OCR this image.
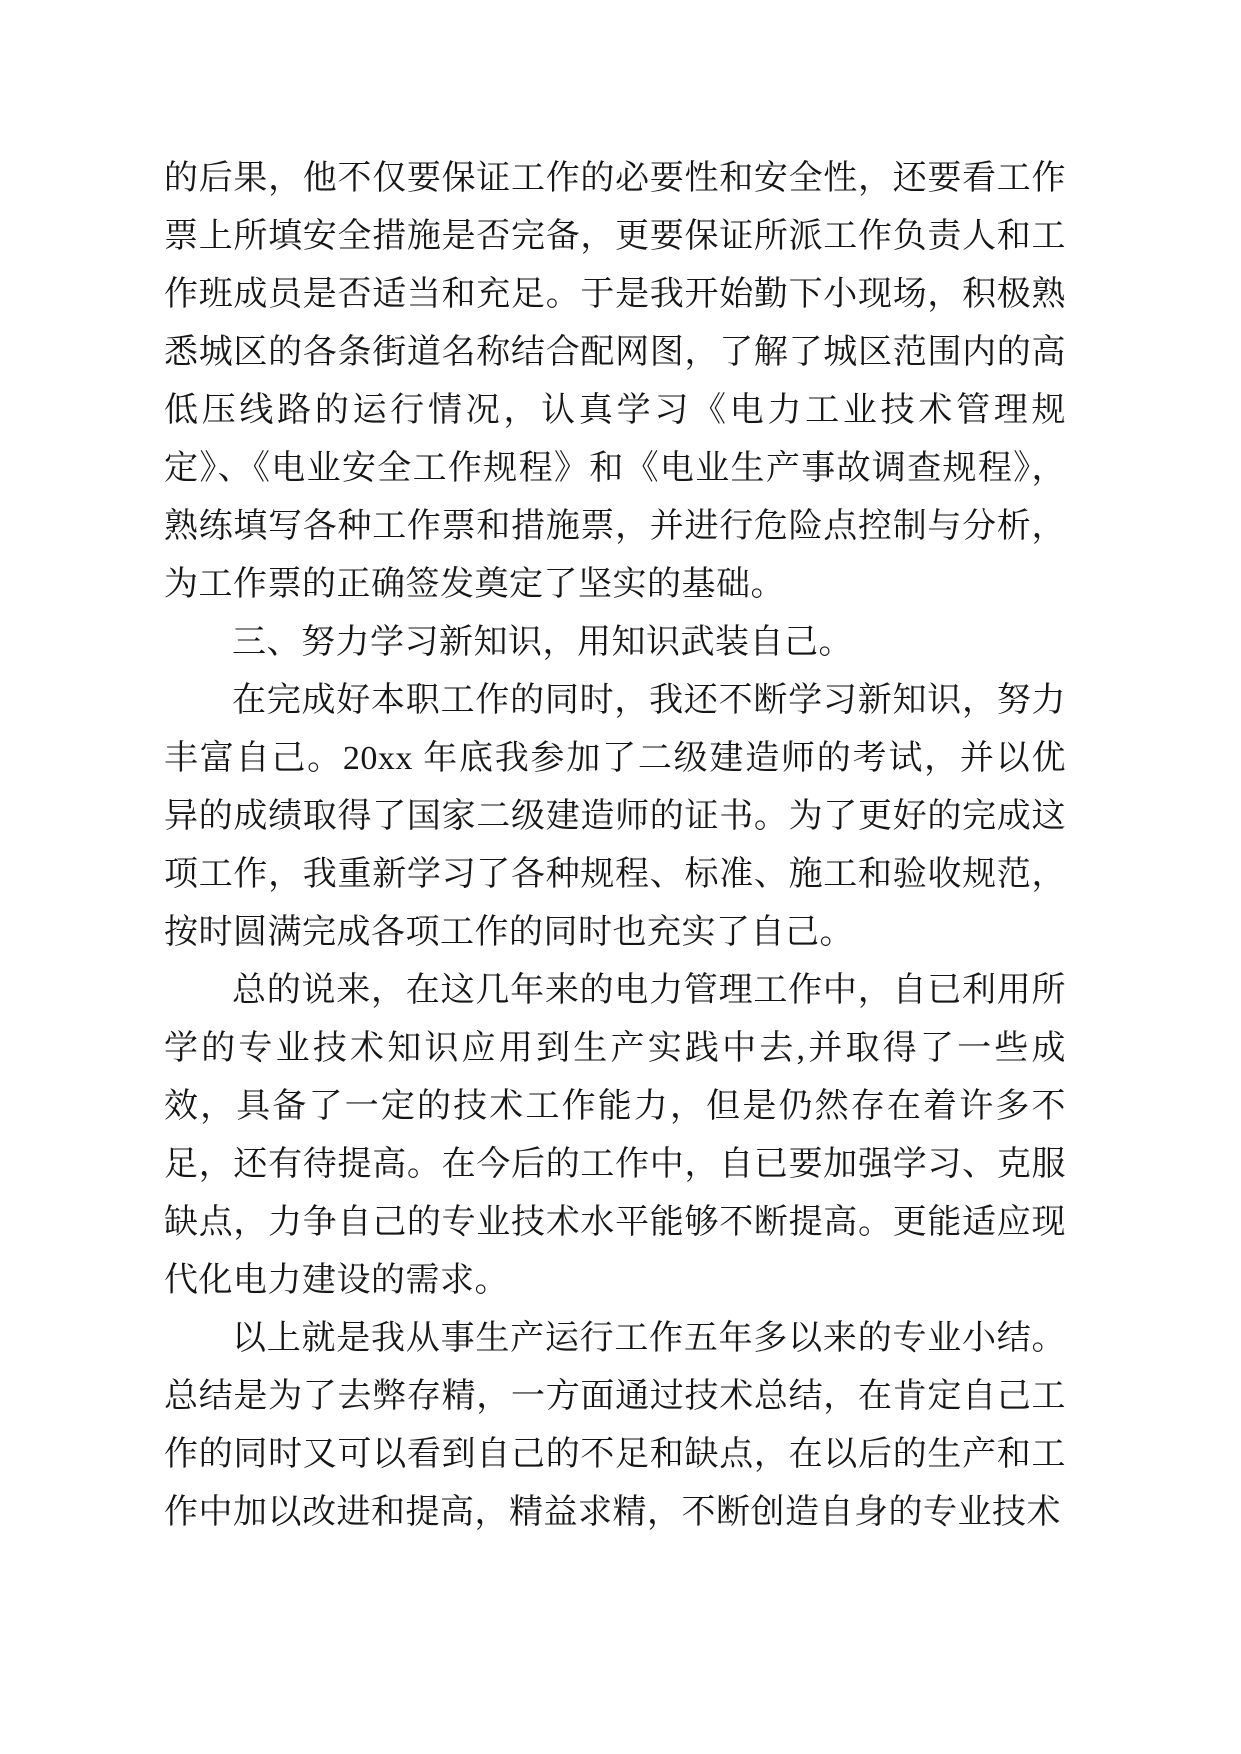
的后果，他不仅要保证工作的必要性和安全性，还要看工作票上所填安全措施是否完备，更要保证所派工作负责人和工作班成员是否适当和充足。于是我开始勤下小现场，积极熟悉城区的各条街道名称结合配网图，了解了城区范围内的高低压线路的运行情况，认真学习《电力工业技术管理规定》、《电业安全工作规程》和《电业生产事故调查规程》，熟练填写各种工作票和措施票，并进行危险点控制与分析，为工作票的正确签发奠定了坚实的基础。

三、努力学习新知识，用知识武装自己。

在完成好本职工作的同时，我还不断学习新知识，努力丰富自己。20xx 年底我参加了二级建造师的考试，并以优异的成绩取得了国家二级建造师的证书。为了更好的完成这项工作，我重新学习了各种规程、标准、施工和验收规范，按时圆满完成各项工作的同时也充实了自己。

总的说来，在这几年来的电力管理工作中，自已利用所学的专业技术知识应用到生产实践中去,并取得了一些成效，具备了一定的技术工作能力，但是仍然存在着许多不足，还有待提高。在今后的工作中，自已要加强学习、克服缺点，力争自己的专业技术水平能够不断提高。更能适应现代化电力建设的需求。

以上就是我从事生产运行工作五年多以来的专业小结。总结是为了去弊存精，一方面通过技术总结，在肯定自己工作的同时又可以看到自己的不足和缺点，在以后的生产和工作中加以改进和提高，精益求精，不断创造自身的专业技术
